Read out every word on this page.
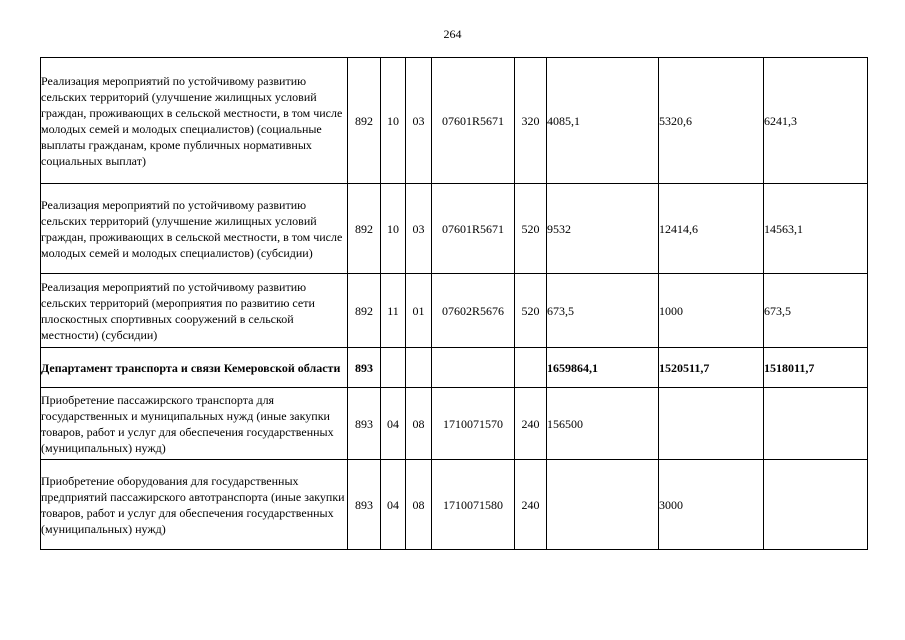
264
Реализация мероприятий по устойчивому развитию сельских территорий (улучшение жилищных условий граждан, проживающих в сельской местности, в том числе молодых семей и молодых специалистов) (социальные выплаты гражданам, кроме публичных нормативных социальных выплат)	892	10	03	07601R5671	320	4085,1	5320,6	6241,3
Реализация мероприятий по устойчивому развитию сельских территорий (улучшение жилищных условий граждан, проживающих в сельской местности, в том числе молодых семей и молодых специалистов) (субсидии)	892	10	03	07601R5671	520	9532	12414,6	14563,1
Реализация мероприятий по устойчивому развитию сельских территорий (мероприятия по развитию сети плоскостных спортивных сооружений в сельской местности) (субсидии)	892	11	01	07602R5676	520	673,5	1000	673,5
Департамент транспорта и связи Кемеровской области	893					1659864,1	1520511,7	1518011,7
Приобретение пассажирского транспорта для государственных и муниципальных нужд (иные закупки товаров, работ и услуг для обеспечения государственных (муниципальных) нужд)	893	04	08	1710071570	240	156500		
Приобретение оборудования для государственных предприятий пассажирского автотранспорта (иные закупки товаров, работ и услуг для обеспечения государственных (муниципальных) нужд)	893	04	08	1710071580	240		3000	
